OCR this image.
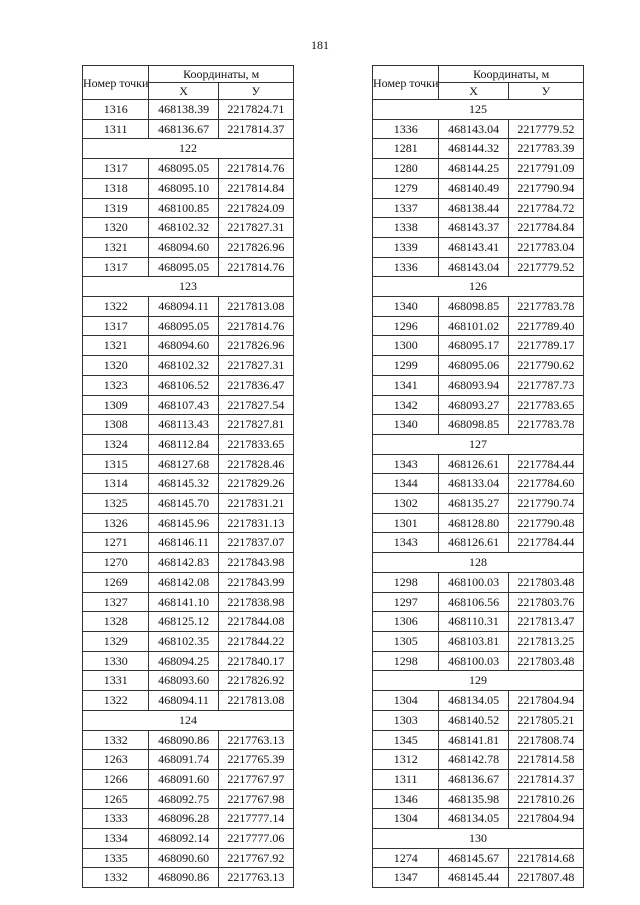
181
Номер точки	Координаты, м	
	X	У
1316	468138.39	2217824.71
1311	468136.67	2217814.37
122		
1317	468095.05	2217814.76
1318	468095.10	2217814.84
1319	468100.85	2217824.09
1320	468102.32	2217827.31
1321	468094.60	2217826.96
1317	468095.05	2217814.76
123		
1322	468094.11	2217813.08
1317	468095.05	2217814.76
1321	468094.60	2217826.96
1320	468102.32	2217827.31
1323	468106.52	2217836.47
1309	468107.43	2217827.54
1308	468113.43	2217827.81
1324	468112.84	2217833.65
1315	468127.68	2217828.46
1314	468145.32	2217829.26
1325	468145.70	2217831.21
1326	468145.96	2217831.13
1271	468146.11	2217837.07
1270	468142.83	2217843.98
1269	468142.08	2217843.99
1327	468141.10	2217838.98
1328	468125.12	2217844.08
1329	468102.35	2217844.22
1330	468094.25	2217840.17
1331	468093.60	2217826.92
1322	468094.11	2217813.08
124		
1332	468090.86	2217763.13
1263	468091.74	2217765.39
1266	468091.60	2217767.97
1265	468092.75	2217767.98
1333	468096.28	2217777.14
1334	468092.14	2217777.06
1335	468090.60	2217767.92
1332	468090.86	2217763.13
Номер точки	Координаты, м	
	X	У
125		
1336	468143.04	2217779.52
1281	468144.32	2217783.39
1280	468144.25	2217791.09
1279	468140.49	2217790.94
1337	468138.44	2217784.72
1338	468143.37	2217784.84
1339	468143.41	2217783.04
1336	468143.04	2217779.52
126		
1340	468098.85	2217783.78
1296	468101.02	2217789.40
1300	468095.17	2217789.17
1299	468095.06	2217790.62
1341	468093.94	2217787.73
1342	468093.27	2217783.65
1340	468098.85	2217783.78
127		
1343	468126.61	2217784.44
1344	468133.04	2217784.60
1302	468135.27	2217790.74
1301	468128.80	2217790.48
1343	468126.61	2217784.44
128		
1298	468100.03	2217803.48
1297	468106.56	2217803.76
1306	468110.31	2217813.47
1305	468103.81	2217813.25
1298	468100.03	2217803.48
129		
1304	468134.05	2217804.94
1303	468140.52	2217805.21
1345	468141.81	2217808.74
1312	468142.78	2217814.58
1311	468136.67	2217814.37
1346	468135.98	2217810.26
1304	468134.05	2217804.94
130		
1274	468145.67	2217814.68
1347	468145.44	2217807.48
